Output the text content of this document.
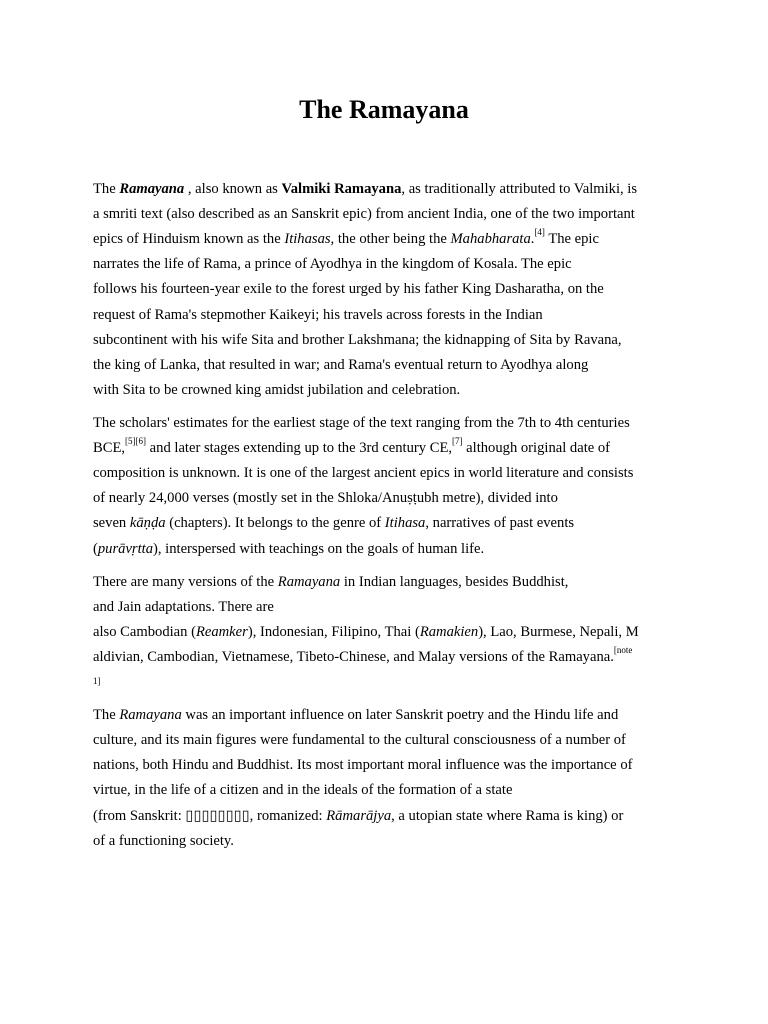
The Ramayana
The Ramayana , also known as Valmiki Ramayana, as traditionally attributed to Valmiki, is
a smriti text (also described as an Sanskrit epic) from ancient India, one of the two important
epics of Hinduism known as the Itihasas, the other being the Mahabharata.[4] The epic
narrates the life of Rama, a prince of Ayodhya in the kingdom of Kosala. The epic
follows his fourteen-year exile to the forest urged by his father King Dasharatha, on the
request of Rama's stepmother Kaikeyi; his travels across forests in the Indian
subcontinent with his wife Sita and brother Lakshmana; the kidnapping of Sita by Ravana,
the king of Lanka, that resulted in war; and Rama's eventual return to Ayodhya along
with Sita to be crowned king amidst jubilation and celebration.
The scholars' estimates for the earliest stage of the text ranging from the 7th to 4th centuries
BCE,[5][6] and later stages extending up to the 3rd century CE,[7] although original date of
composition is unknown. It is one of the largest ancient epics in world literature and consists
of nearly 24,000 verses (mostly set in the Shloka/Anuṣṭubh metre), divided into
seven kāṇḍa (chapters). It belongs to the genre of Itihasa, narratives of past events
(purāvṛtta), interspersed with teachings on the goals of human life.
There are many versions of the Ramayana in Indian languages, besides Buddhist,
and Jain adaptations. There are
also Cambodian (Reamker), Indonesian, Filipino, Thai (Ramakien), Lao, Burmese, Nepali, M
aldivian, Cambodian, Vietnamese, Tibeto-Chinese, and Malay versions of the Ramayana.$^{[note}$
1]
The Ramayana was an important influence on later Sanskrit poetry and the Hindu life and
culture, and its main figures were fundamental to the cultural consciousness of a number of
nations, both Hindu and Buddhist. Its most important moral influence was the importance of
virtue, in the life of a citizen and in the ideals of the formation of a state
(from Sanskrit: ▯▯▯▯▯▯▯▯, romanized: Rāmarājya, a utopian state where Rama is king) or
of a functioning society.
